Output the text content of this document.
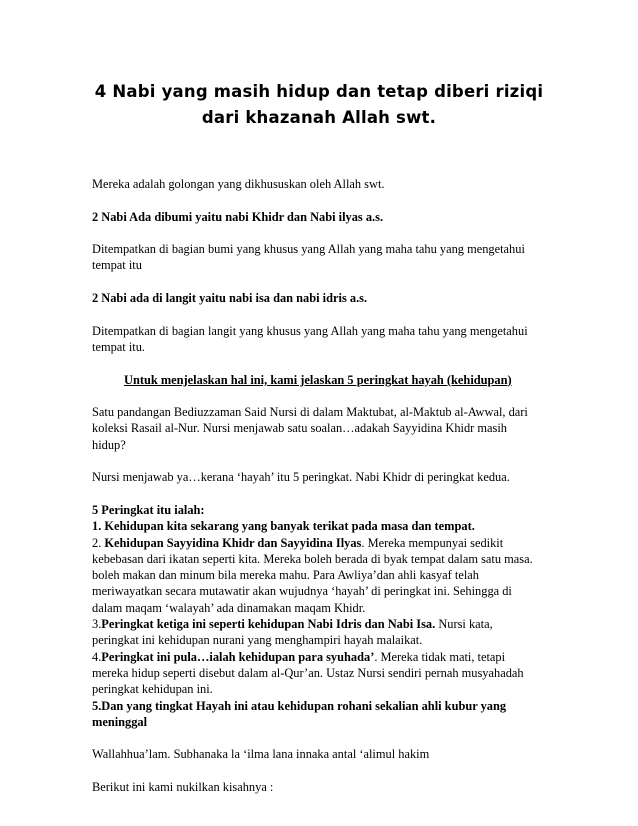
4 Nabi yang masih hidup dan tetap diberi riziqi
dari khazanah Allah swt.

Mereka adalah golongan yang dikhususkan oleh Allah swt.

2 Nabi Ada dibumi yaitu nabi Khidr dan Nabi ilyas a.s.

Ditempatkan di bagian bumi yang khusus yang Allah yang maha tahu yang mengetahui

tempat itu

2 Nabi ada di langit yaitu nabi isa dan nabi idris a.s.

Ditempatkan di bagian langit yang khusus yang Allah yang maha tahu yang mengetahui

tempat itu.

Untuk menjelaskan hal ini, kami jelaskan 5 peringkat hayah (kehidupan)

Satu pandangan Bediuzzaman Said Nursi di dalam Maktubat, al-Maktub al-Awwal, dari

koleksi Rasail al-Nur. Nursi menjawab satu soalan…adakah Sayyidina Khidr masih

hidup?

Nursi menjawab ya…kerana ‘hayah’ itu 5 peringkat. Nabi Khidr di peringkat kedua.

5 Peringkat itu ialah:

1. Kehidupan kita sekarang yang banyak terikat pada masa dan tempat.

2. Kehidupan Sayyidina Khidr dan Sayyidina Ilyas. Mereka mempunyai sedikit

kebebasan dari ikatan seperti kita. Mereka boleh berada di byak tempat dalam satu masa.

boleh makan dan minum bila mereka mahu. Para Awliya’dan ahli kasyaf telah

meriwayatkan secara mutawatir akan wujudnya ‘hayah’ di peringkat ini. Sehingga di

dalam maqam ‘walayah’ ada dinamakan maqam Khidr.

3.Peringkat ketiga ini seperti kehidupan Nabi Idris dan Nabi Isa. Nursi kata,

peringkat ini kehidupan nurani yang menghampiri hayah malaikat.

4.Peringkat ini pula…ialah kehidupan para syuhada’. Mereka tidak mati, tetapi

mereka hidup seperti disebut dalam al-Qur’an. Ustaz Nursi sendiri pernah musyahadah

peringkat kehidupan ini.

5.Dan yang tingkat Hayah ini atau kehidupan rohani sekalian ahli kubur yang

meninggal

Wallahhua’lam. Subhanaka la ‘ilma lana innaka antal ‘alimul hakim

Berikut ini kami nukilkan kisahnya :
